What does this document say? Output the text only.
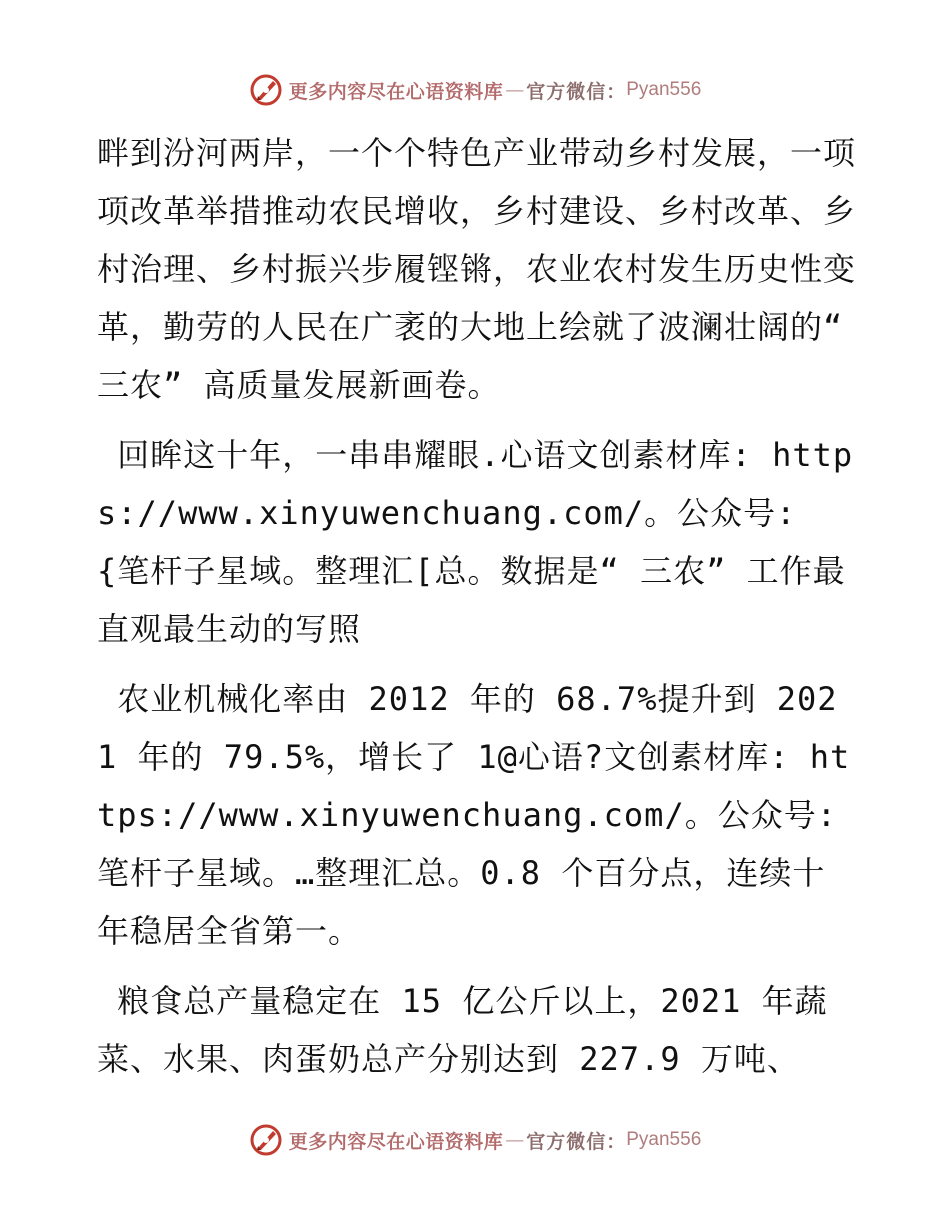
更多内容尽在心语资料库 — 官方微信： Pyan556

畔到汾河两岸，一个个特色产业带动乡村发展，一项项改革举措推动农民增收，乡村建设、乡村改革、乡村治理、乡村振兴步履铿锵，农业农村发生历史性变革，勤劳的人民在广袤的大地上绘就了波澜壮阔的“ 三农” 高质量发展新画卷。

回眸这十年，一串串耀眼.心语文创素材库: https://www.xinyuwenchuang.com/。公众号: {笔杆子星域。整理汇[总。数据是“ 三农” 工作最直观最生动的写照

农业机械化率由 2012 年的 68.7%提升到 2021 年的 79.5%，增长了 1@心语?文创素材库: https://www.xinyuwenchuang.com/。公众号: 笔杆子星域。…整理汇总。0.8 个百分点，连续十年稳居全省第一。

粮食总产量稳定在 15 亿公斤以上，2021 年蔬菜、水果、肉蛋奶总产分别达到 227.9 万吨、

更多内容尽在心语资料库 — 官方微信： Pyan556
